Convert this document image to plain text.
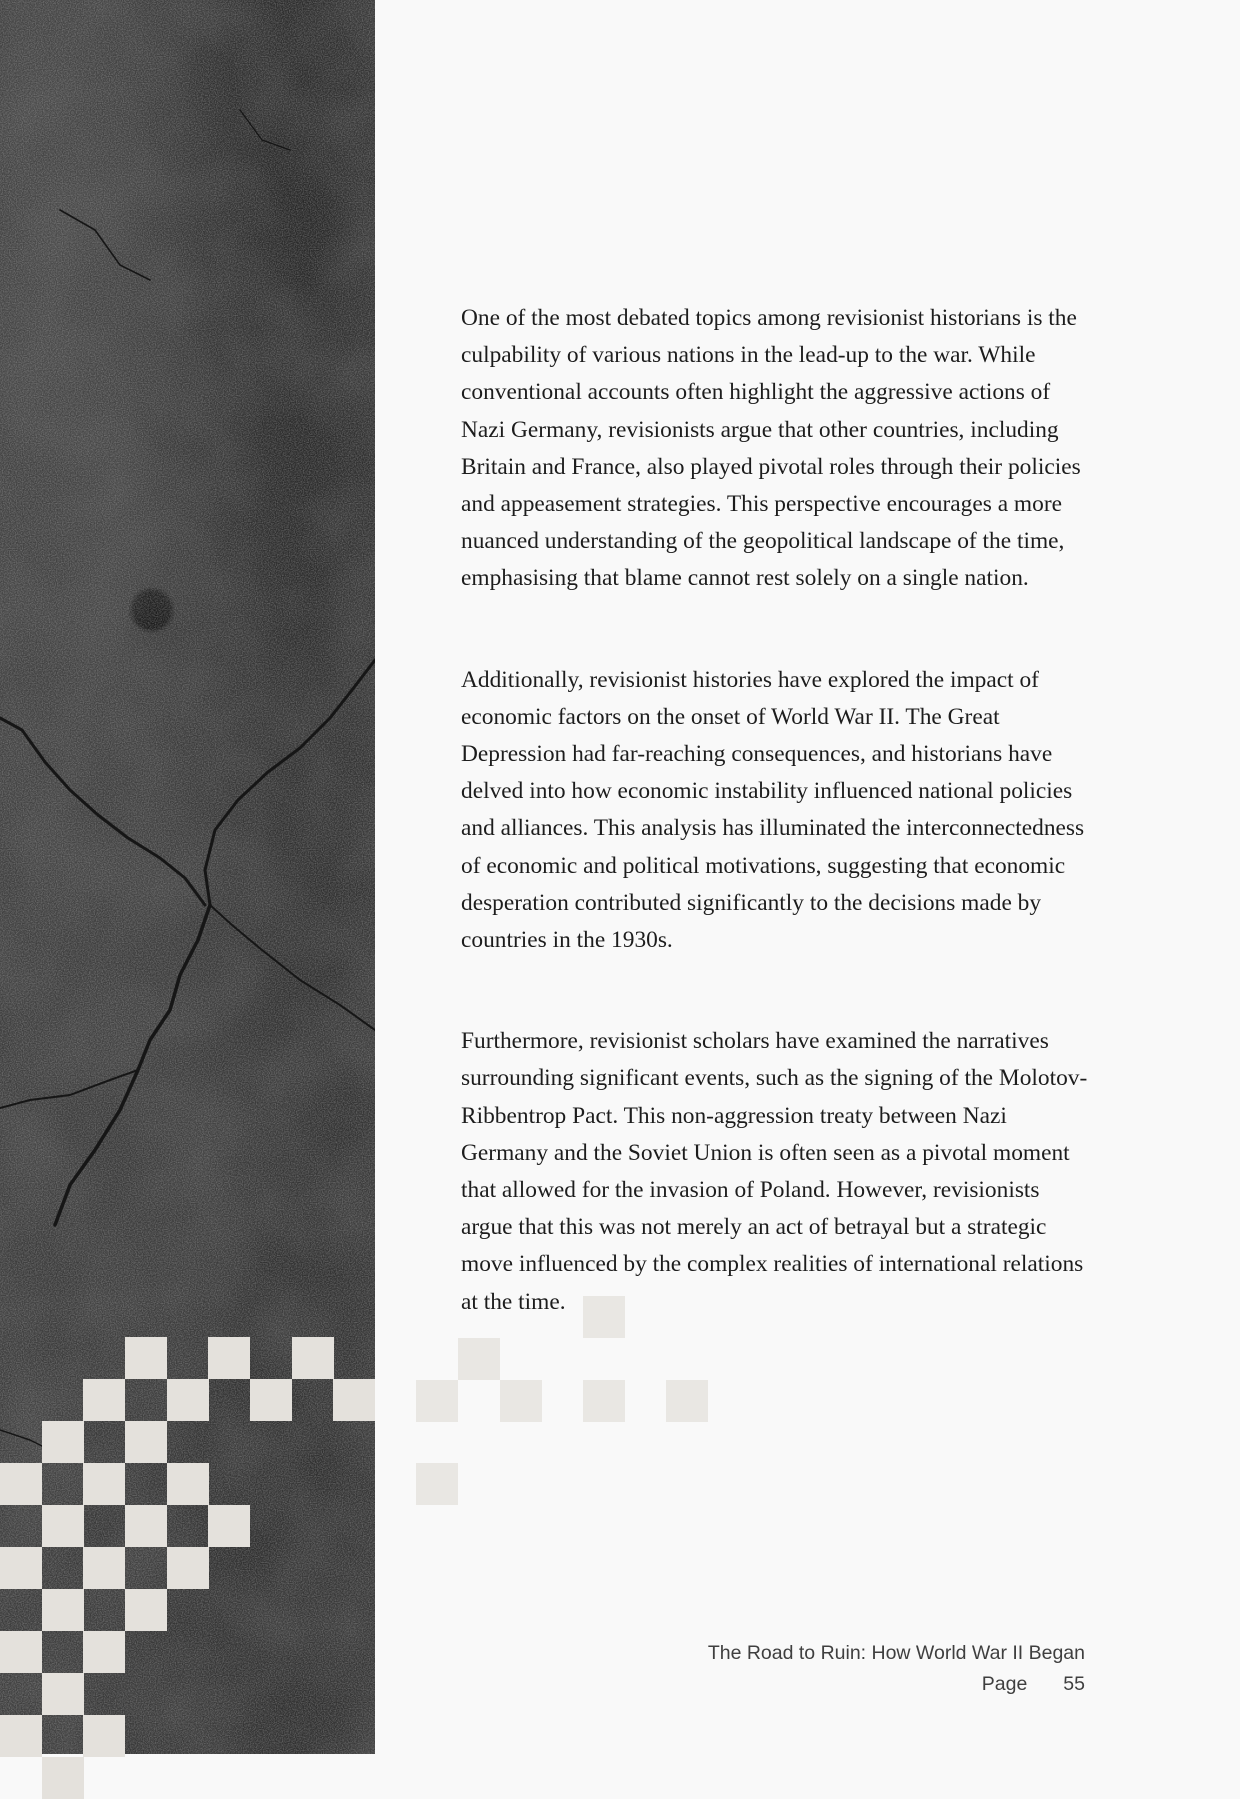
One of the most debated topics among revisionist historians is the culpability of various nations in the lead-up to the war. While conventional accounts often highlight the aggressive actions of Nazi Germany, revisionists argue that other countries, including Britain and France, also played pivotal roles through their policies and appeasement strategies. This perspective encourages a more nuanced understanding of the geopolitical landscape of the time, emphasising that blame cannot rest solely on a single nation.

Additionally, revisionist histories have explored the impact of economic factors on the onset of World War II. The Great Depression had far-reaching consequences, and historians have delved into how economic instability influenced national policies and alliances. This analysis has illuminated the interconnectedness of economic and political motivations, suggesting that economic desperation contributed significantly to the decisions made by countries in the 1930s.

Furthermore, revisionist scholars have examined the narratives surrounding significant events, such as the signing of the Molotov-Ribbentrop Pact. This non-aggression treaty between Nazi Germany and the Soviet Union is often seen as a pivotal moment that allowed for the invasion of Poland. However, revisionists argue that this was not merely an act of betrayal but a strategic move influenced by the complex realities of international relations at the time.

The Road to Ruin: How World War II Began
Page 55
